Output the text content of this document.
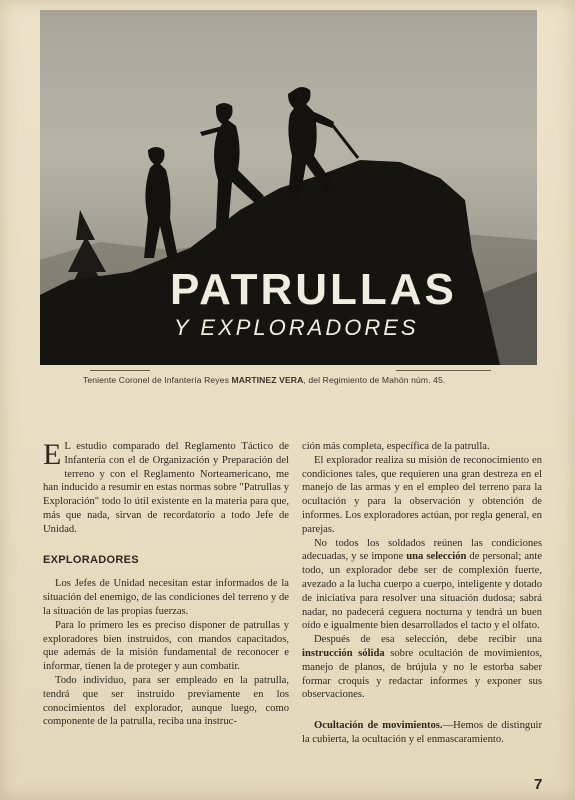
PATRULLAS
Y EXPLORADORES
Teniente Coronel de Infantería Reyes MARTINEZ VERA, del Regimiento de Mahón núm. 45.

E L estudio comparado del Reglamento Táctico de Infantería con el de Organización y Preparación del terreno y con el Reglamento Norteamericano, me han inducido a resumir en estas normas sobre "Patrullas y Exploración" todo lo útil existente en la materia para que, más que nada, sirvan de recordatorio a todo Jefe de Unidad.

EXPLORADORES

Los Jefes de Unidad necesitan estar informados de la situación del enemigo, de las condiciones del terreno y de la situación de las propias fuerzas.

Para lo primero les es preciso disponer de patrullas y exploradores bien instruidos, con mandos capacitados, que además de la misión fundamental de reconocer e informar, tienen la de proteger y aun combatir.

Todo individuo, para ser empleado en la patrulla, tendrá que ser instruido previamente en los conocimientos del explorador, aunque luego, como componente de la patrulla, reciba una instruc-

ción más completa, específica de la patrulla.

El explorador realiza su misión de reconocimiento en condiciones tales, que requieren una gran destreza en el manejo de las armas y en el empleo del terreno para la ocultación y para la observación y obtención de informes. Los exploradores actúan, por regla general, en parejas.

No todos los soldados reúnen las condiciones adecuadas, y se impone una selección de personal; ante todo, un explorador debe ser de complexión fuerte, avezado a la lucha cuerpo a cuerpo, inteligente y dotado de iniciativa para resolver una situación dudosa; sabrá nadar, no padecerá ceguera nocturna y tendrá un buen oído e igualmente bien desarrollados el tacto y el olfato.

Después de esa selección, debe recibir una instrucción sólida sobre ocultación de movimientos, manejo de planos, de brújula y no le estorba saber formar croquis y redactar informes y exponer sus observaciones.

Ocultación de movimientos.—Hemos de distinguir la cubierta, la ocultación y el enmascaramiento.

7
